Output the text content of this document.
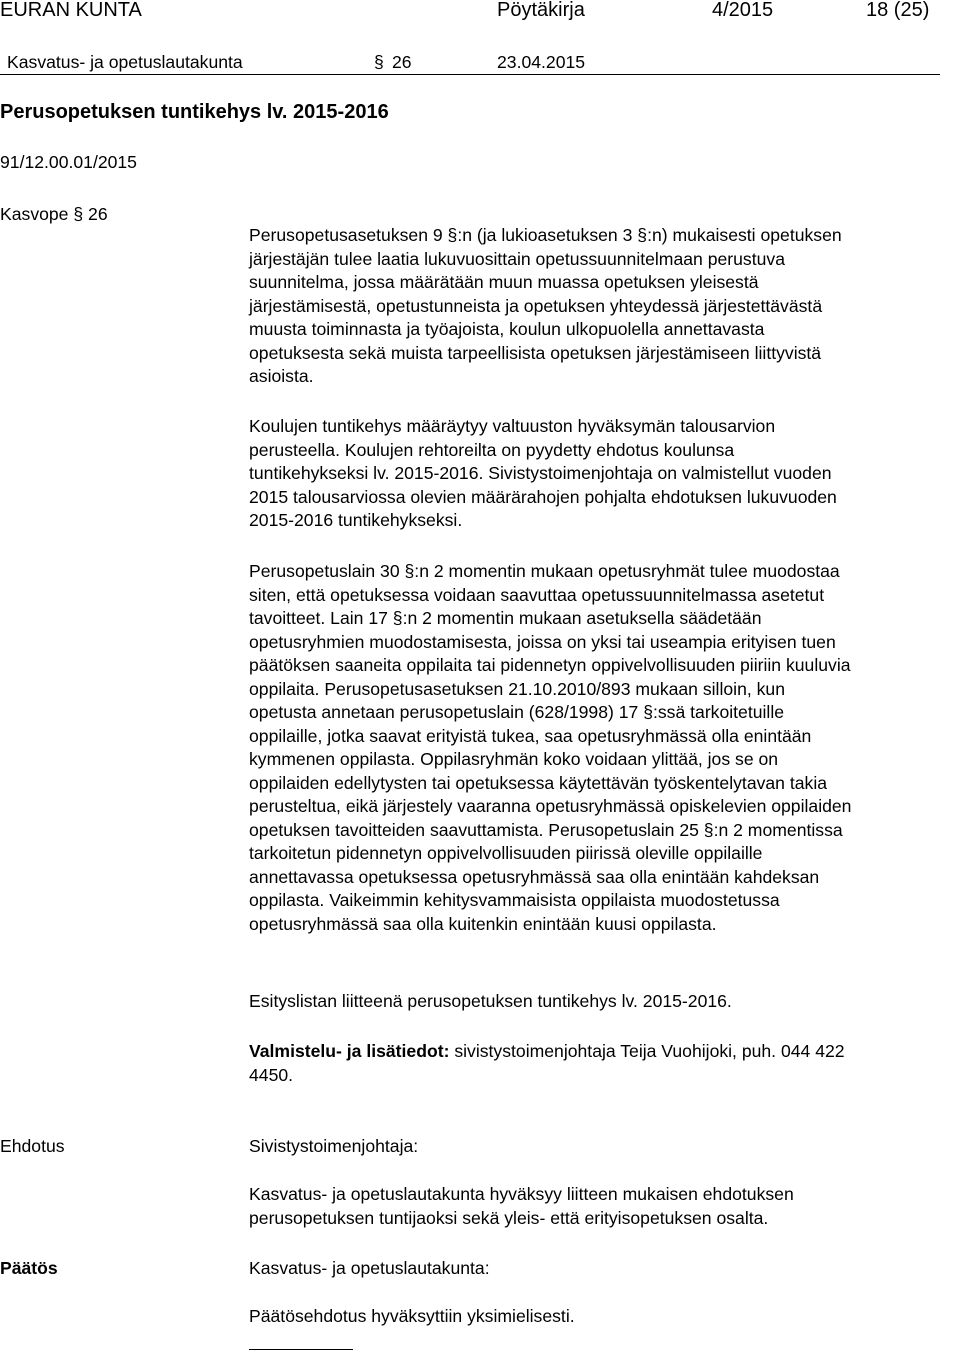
EURAN KUNTA	Pöytäkirja	4/2015	18 (25)
Kasvatus- ja opetuslautakunta	§ 26	23.04.2015
Perusopetuksen tuntikehys lv. 2015-2016
91/12.00.01/2015
Kasvope § 26

Perusopetusasetuksen 9 §:n (ja lukioasetuksen 3 §:n) mukaisesti opetuksen

järjestäjän tulee laatia lukuvuosittain opetussuunnitelmaan perustuva

suunnitelma, jossa määrätään muun muassa opetuksen yleisestä

järjestämisestä, opetustunneista ja opetuksen yhteydessä järjestettävästä

muusta toiminnasta ja työajoista, koulun ulkopuolella annettavasta

opetuksesta sekä muista tarpeellisista opetuksen järjestämiseen liittyvistä

asioista.

Koulujen tuntikehys määräytyy valtuuston hyväksymän talousarvion

perusteella. Koulujen rehtoreilta on pyydetty ehdotus koulunsa

tuntikehykseksi lv. 2015-2016. Sivistystoimenjohtaja on valmistellut vuoden

2015 talousarviossa olevien määrärahojen pohjalta ehdotuksen lukuvuoden

2015-2016 tuntikehykseksi.

Perusopetuslain 30 §:n 2 momentin mukaan opetusryhmät tulee muodostaa

siten, että opetuksessa voidaan saavuttaa opetussuunnitelmassa asetetut

tavoitteet. Lain 17 §:n 2 momentin mukaan asetuksella säädetään

opetusryhmien muodostamisesta, joissa on yksi tai useampia erityisen tuen

päätöksen saaneita oppilaita tai pidennetyn oppivelvollisuuden piiriin kuuluvia

oppilaita. Perusopetusasetuksen 21.10.2010/893 mukaan silloin, kun

opetusta annetaan perusopetuslain (628/1998) 17 §:ssä tarkoitetuille

oppilaille, jotka saavat erityistä tukea, saa opetusryhmässä olla enintään

kymmenen oppilasta. Oppilasryhmän koko voidaan ylittää, jos se on

oppilaiden edellytysten tai opetuksessa käytettävän työskentelytavan takia

perusteltua, eikä järjestely vaaranna opetusryhmässä opiskelevien oppilaiden

opetuksen tavoitteiden saavuttamista. Perusopetuslain 25 §:n 2 momentissa

tarkoitetun pidennetyn oppivelvollisuuden piirissä oleville oppilaille

annettavassa opetuksessa opetusryhmässä saa olla enintään kahdeksan

oppilasta. Vaikeimmin kehitysvammaisista oppilaista muodostetussa

opetusryhmässä saa olla kuitenkin enintään kuusi oppilasta.

Esityslistan liitteenä perusopetuksen tuntikehys lv. 2015-2016.

Valmistelu- ja lisätiedot: sivistystoimenjohtaja Teija Vuohijoki, puh. 044 422

4450.

Ehdotus	Sivistystoimenjohtaja:

Kasvatus- ja opetuslautakunta hyväksyy liitteen mukaisen ehdotuksen

perusopetuksen tuntijaoksi sekä yleis- että erityisopetuksen osalta.

Päätös	Kasvatus- ja opetuslautakunta:
Päätösehdotus hyväksyttiin yksimielisesti.
